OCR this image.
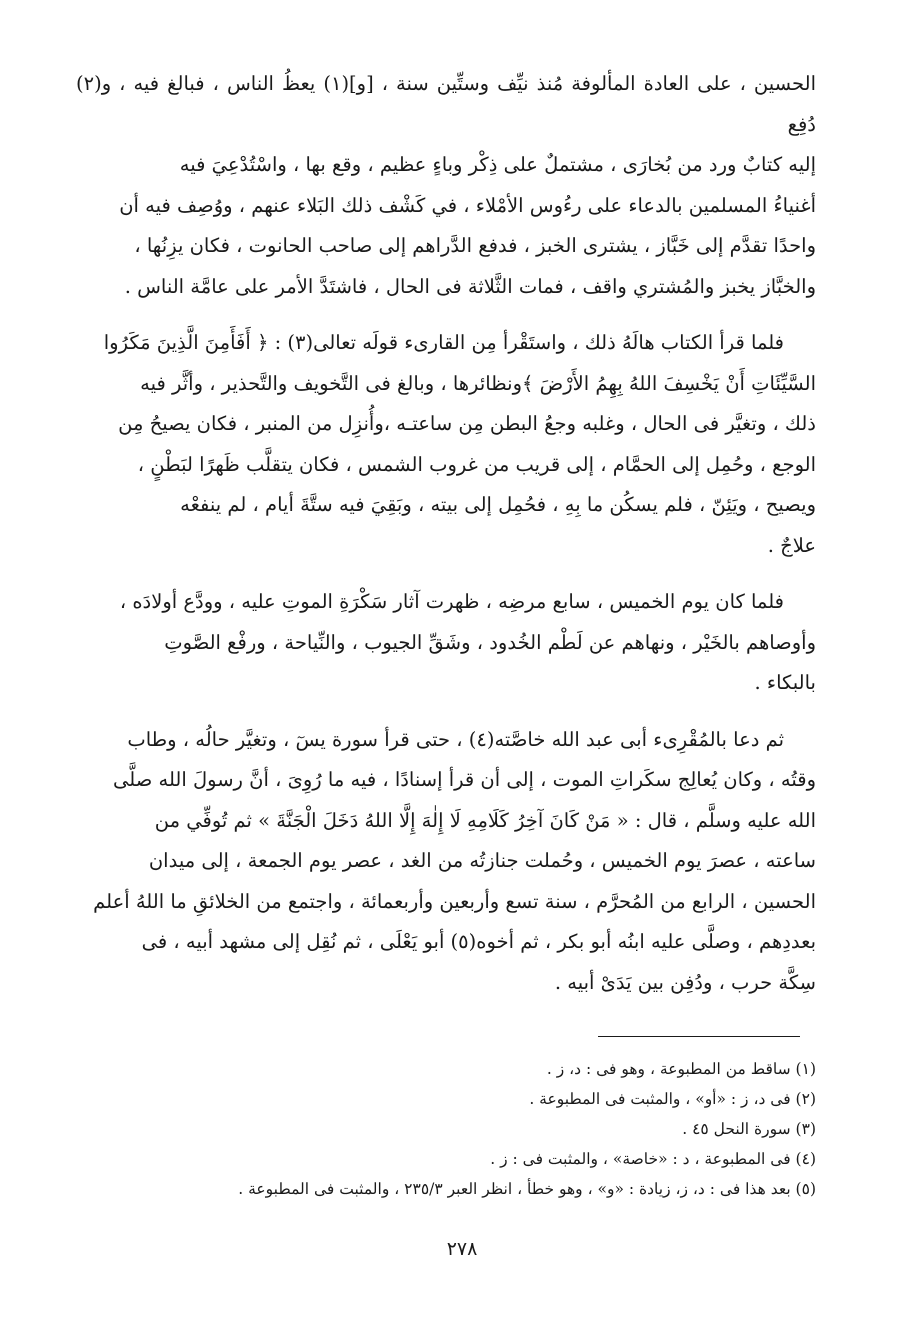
الحسين ، على العادة المألوفة مُنذ نيِّف وستِّين سنة ، [و](١) يعظُ الناس ، فبالغ فيه ، و(٢) دُفِع

إليه كتابٌ ورد من بُخارَى ، مشتملٌ على ذِكْر وباءٍ عظيم ، وقع بها ، واسْتُدْعِيَ فيه

أغنياءُ المسلمين بالدعاء على رءُوس الأمْلاء ، في كَشْف ذلك البَلاء عنهم ، ووُصِف فيه أن

واحدًا تقدَّم إلى خَبَّاز ، يشترى الخبز ، فدفع الدَّراهم إلى صاحب الحانوت ، فكان يزِنُها ،

والخبَّاز يخبز والمُشتري واقف ، فمات الثَّلاثة فى الحال ، فاشتَدَّ الأمر على عامَّة الناس .

فلما قرأ الكتاب هالَهُ ذلك ، واستَقْرأ مِن القارىء قولَه تعالى(٣) : ﴿ أَفَأَمِنَ الَّذِينَ مَكَرُوا

السَّيِّئَاتِ أَنْ يَخْسِفَ اللهُ بِهِمُ الأَرْضَ ﴾ونظائرها ، وبالغ فى التَّخويف والتَّحذير ، وأثَّر فيه

ذلك ، وتغيَّر فى الحال ، وغلبه وجعُ البطن مِن ساعتـه ،وأُنزِل من المنبر ، فكان يصيحُ مِن

الوجع ، وحُمِل إلى الحمَّام ، إلى قريب من غروب الشمس ، فكان يتقلَّب ظَهرًا لبَطْنٍ ،

ويصيح ، ويَئِنّ ، فلم يسكُن ما بِهِ ، فحُمِل إلى بيته ، وبَقِيَ فيه ستَّةَ أيام ، لم ينفعْه

علاجٌ .

فلما كان يوم الخميس ، سابع مرضِه ، ظهرت آثار سَكْرَةِ الموتِ عليه ، وودَّع أولادَه ،

وأوصاهم بالخَيْر ، ونهاهم عن لَطْم الخُدود ، وشَقِّ الجيوب ، والنِّياحة ، ورفْع الصَّوتِ

بالبكاء .

ثم دعا بالمُقْرِىء أبى عبد الله خاصَّته(٤) ، حتى قرأ سورة يسٓ ، وتغيَّر حالُه ، وطاب

وقتُه ، وكان يُعالِج سكَراتِ الموت ، إلى أن قرأ إسنادًا ، فيه ما رُوِىَ ، أنَّ رسولَ الله صلَّى

الله عليه وسلَّم ، قال : « مَنْ كَانَ آخِرُ كَلَامِهِ لَا إِلٰهَ إِلَّا اللهُ دَخَلَ الْجَنَّةَ » ثم تُوفِّي من

ساعته ، عصرَ يوم الخميس ، وحُملت جنازتُه من الغد ، عصر يوم الجمعة ، إلى ميدان

الحسين ، الرابع من المُحرَّم ، سنة تسع وأربعين وأربعمائة ، واجتمع من الخلائقِ ما اللهُ أعلم

بعددِهم ، وصلَّى عليه ابنُه أبو بكر ، ثم أخوه(٥) أبو يَعْلَى ، ثم نُقِل إلى مشهد أبيه ، فى

سِكَّة حرب ، ودُفِن بين يَدَىْ أبيه .

(١) ساقط من المطبوعة ، وهو فى : د، ز .
(٢) فى د، ز : «أو» ، والمثبت فى المطبوعة .
(٣) سورة النحل ٤٥ .
(٤) فى المطبوعة ، د : «خاصة» ، والمثبت فى : ز .
(٥) بعد هذا فى : د، ز، زيادة : «و» ، وهو خطأ ، انظر العبر ٢٣٥/٣ ، والمثبت فى المطبوعة .
٢٧٨
